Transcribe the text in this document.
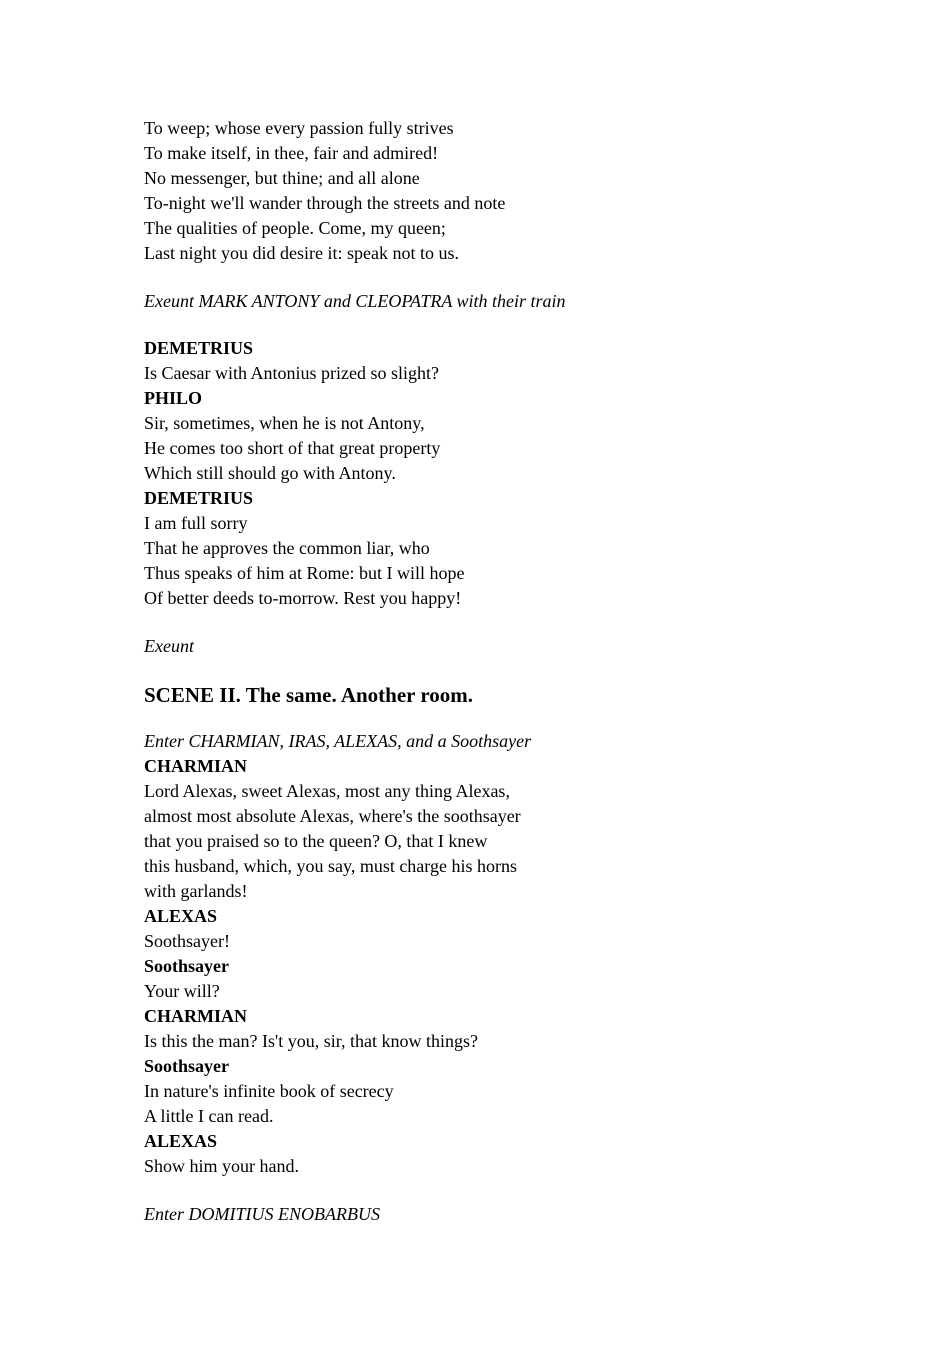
To weep; whose every passion fully strives
To make itself, in thee, fair and admired!
No messenger, but thine; and all alone
To-night we'll wander through the streets and note
The qualities of people. Come, my queen;
Last night you did desire it: speak not to us.
Exeunt MARK ANTONY and CLEOPATRA with their train
DEMETRIUS
Is Caesar with Antonius prized so slight?
PHILO
Sir, sometimes, when he is not Antony,
He comes too short of that great property
Which still should go with Antony.
DEMETRIUS
I am full sorry
That he approves the common liar, who
Thus speaks of him at Rome: but I will hope
Of better deeds to-morrow. Rest you happy!
Exeunt
SCENE II. The same. Another room.
Enter CHARMIAN, IRAS, ALEXAS, and a Soothsayer
CHARMIAN
Lord Alexas, sweet Alexas, most any thing Alexas,
almost most absolute Alexas, where's the soothsayer
that you praised so to the queen? O, that I knew
this husband, which, you say, must charge his horns
with garlands!
ALEXAS
Soothsayer!
Soothsayer
Your will?
CHARMIAN
Is this the man? Is't you, sir, that know things?
Soothsayer
In nature's infinite book of secrecy
A little I can read.
ALEXAS
Show him your hand.
Enter DOMITIUS ENOBARBUS
